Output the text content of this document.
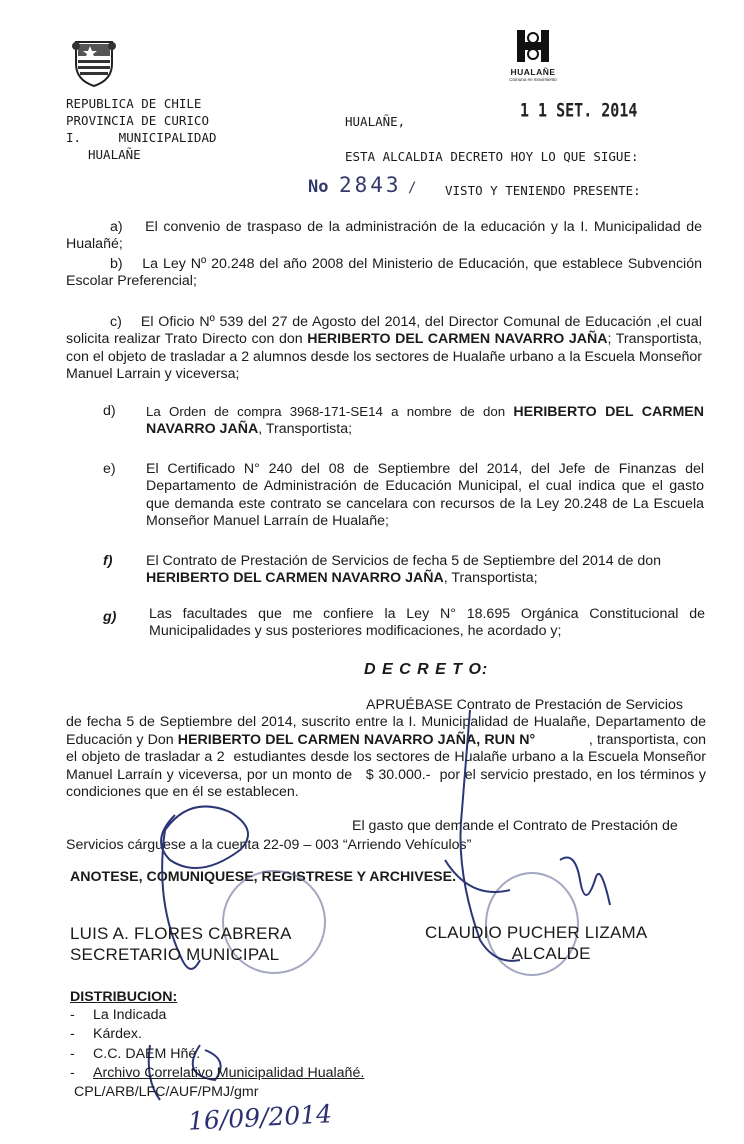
HUALAÑE
Comuna en movimiento
REPUBLICA DE CHILE
PROVINCIA DE CURICO
I.     MUNICIPALIDAD
HUALAÑE
HUALAÑE,
1 1 SET. 2014
ESTA ALCALDIA DECRETO HOY LO QUE SIGUE:
No 2843 / VISTO Y TENIENDO PRESENTE:
a) El convenio de traspaso de la administración de la educación y la I. Municipalidad de Hualañé;
b) La Ley Nº 20.248 del año 2008 del Ministerio de Educación, que establece Subvención Escolar Preferencial;
c) El Oficio Nº 539 del 27 de Agosto del 2014, del Director Comunal de Educación ,el cual solicita realizar Trato Directo con don HERIBERTO DEL CARMEN NAVARRO JAÑA; Transportista, con el objeto de trasladar a 2 alumnos desde los sectores de Hualañe urbano a la Escuela Monseñor Manuel Larrain y viceversa;
d) La Orden de compra 3968-171-SE14 a nombre de don HERIBERTO DEL CARMEN NAVARRO JAÑA, Transportista;
e) El Certificado N° 240 del 08 de Septiembre del 2014, del Jefe de Finanzas del Departamento de Administración de Educación Municipal, el cual indica que el gasto que demanda este contrato se cancelara con recursos de la Ley 20.248 de La Escuela Monseñor Manuel Larraín de Hualañe;
f) El Contrato de Prestación de Servicios de fecha 5 de Septiembre del 2014 de don HERIBERTO DEL CARMEN NAVARRO JAÑA, Transportista;
g) Las facultades que me confiere la Ley N° 18.695 Orgánica Constitucional de Municipalidades y sus posteriores modificaciones, he acordado y;
D E C R E T O:
APRUÉBASE Contrato de Prestación de Servicios
de fecha 5 de Septiembre del 2014, suscrito entre la I. Municipalidad de Hualañe, Departamento de Educación y Don HERIBERTO DEL CARMEN NAVARRO JAÑA, RUN N°             , transportista, con el objeto de trasladar a 2  estudiantes desde los sectores de Hualañe urbano a la Escuela Monseñor Manuel Larraín y viceversa, por un monto de   $ 30.000.-  por el servicio prestado, en los términos y condiciones que en él se establecen.
El gasto que demande el Contrato de Prestación de
Servicios cárguese a la cuenta 22-09 – 003 “Arriendo Vehículos”
ANOTESE, COMUNIQUESE, REGISTRESE Y ARCHIVESE.
LUIS A. FLORES CABRERA
SECRETARIO MUNICIPAL
CLAUDIO PUCHER LIZAMA
ALCALDE
DISTRIBUCION:
- La Indicada
- Kárdex.
- C.C. DAEM Hñé.
- Archivo Correlativo Municipalidad Hualañé.
CPL/ARB/LFC/AUF/PMJ/gmr
16/09/2014
